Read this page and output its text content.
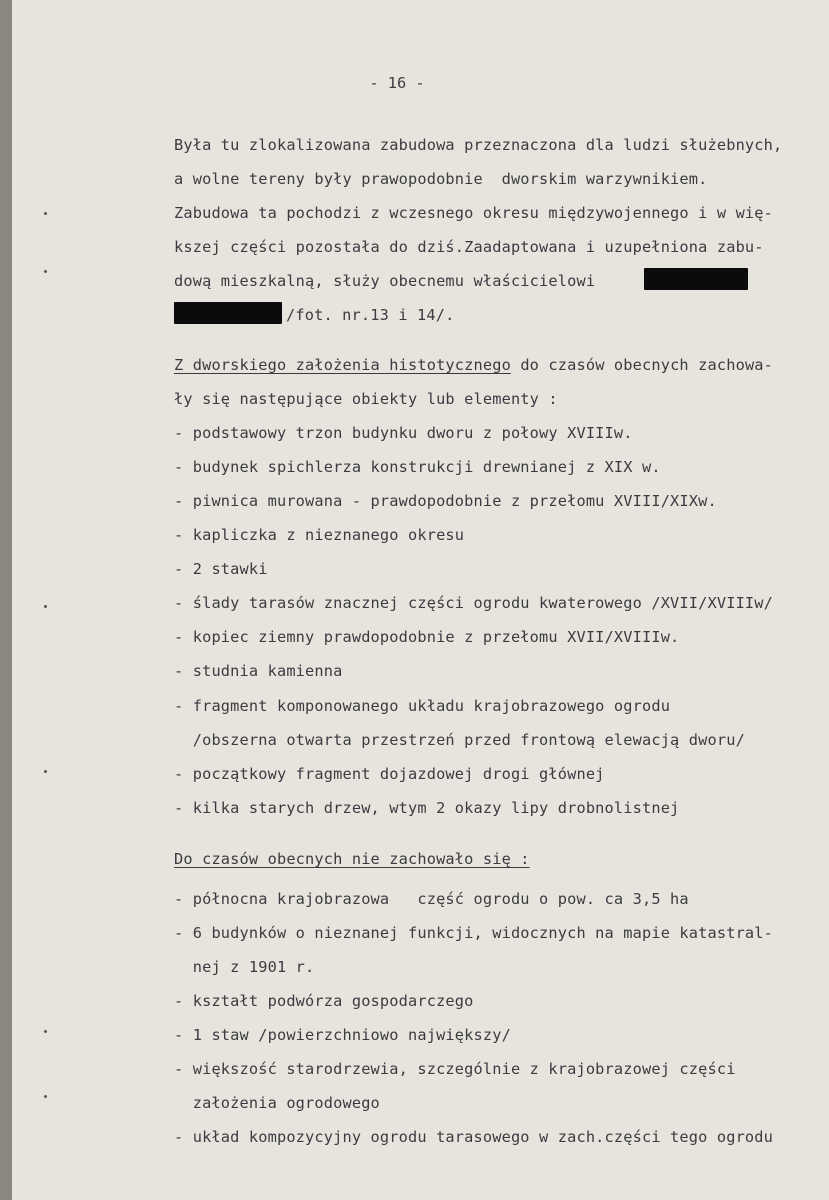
- 16 -
Była tu zlokalizowana zabudowa przeznaczona dla ludzi służebnych,
a wolne tereny były prawopodobnie  dworskim warzywnikiem.
Zabudowa ta pochodzi z wczesnego okresu międzywojennego i w wię-
kszej części pozostała do dziś.Zaadaptowana i uzupełniona zabu-
dową mieszkalną, służy obecnemu właścicielowi
/fot. nr.13 i 14/.
Z dworskiego założenia histotycznego do czasów obecnych zachowa-
ły się następujące obiekty lub elementy :
- podstawowy trzon budynku dworu z połowy XVIIIw.
- budynek spichlerza konstrukcji drewnianej z XIX w.
- piwnica murowana - prawdopodobnie z przełomu XVIII/XIXw.
- kapliczka z nieznanego okresu
- 2 stawki
- ślady tarasów znacznej części ogrodu kwaterowego /XVII/XVIIIw/
- kopiec ziemny prawdopodobnie z przełomu XVII/XVIIIw.
- studnia kamienna
- fragment komponowanego układu krajobrazowego ogrodu
/obszerna otwarta przestrzeń przed frontową elewacją dworu/
- początkowy fragment dojazdowej drogi głównej
- kilka starych drzew, wtym 2 okazy lipy drobnolistnej
Do czasów obecnych nie zachowało się :
- północna krajobrazowa   część ogrodu o pow. ca 3,5 ha
- 6 budynków o nieznanej funkcji, widocznych na mapie katastral-
nej z 1901 r.
- kształt podwórza gospodarczego
- 1 staw /powierzchniowo największy/
- większość starodrzewia, szczególnie z krajobrazowej części
założenia ogrodowego
- układ kompozycyjny ogrodu tarasowego w zach.części tego ogrodu
